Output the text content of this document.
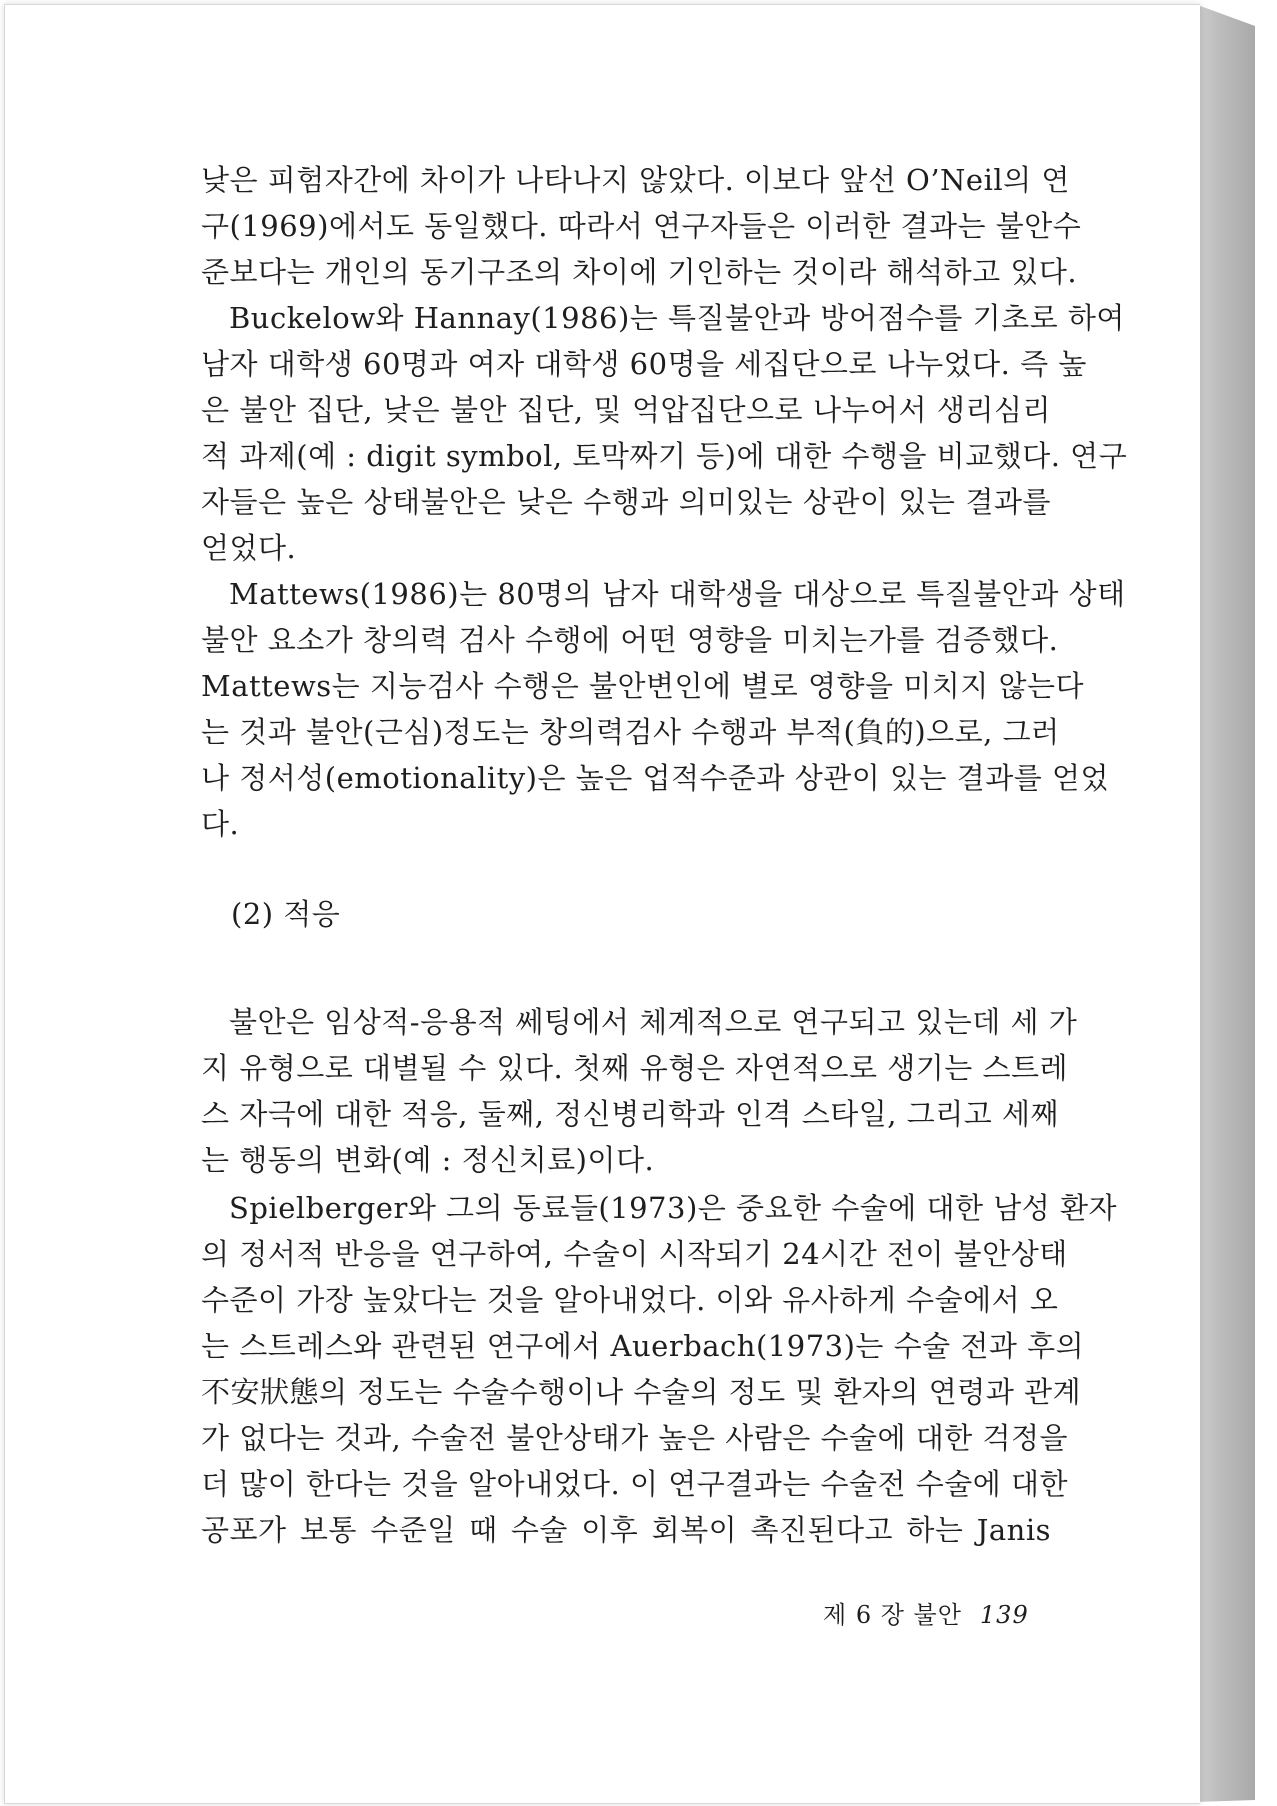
낮은 피험자간에 차이가 나타나지 않았다. 이보다 앞선 O’Neil의 연
구(1969)에서도 동일했다. 따라서 연구자들은 이러한 결과는 불안수
준보다는 개인의 동기구조의 차이에 기인하는 것이라 해석하고 있다.
Buckelow와 Hannay(1986)는 특질불안과 방어점수를 기초로 하여
남자 대학생 60명과 여자 대학생 60명을 세집단으로 나누었다. 즉 높
은 불안 집단, 낮은 불안 집단, 및 억압집단으로 나누어서 생리심리
적 과제(예 : digit symbol, 토막짜기 등)에 대한 수행을 비교했다. 연구
자들은 높은 상태불안은 낮은 수행과 의미있는 상관이 있는 결과를
얻었다.
Mattews(1986)는 80명의 남자 대학생을 대상으로 특질불안과 상태
불안 요소가 창의력 검사 수행에 어떤 영향을 미치는가를 검증했다.
Mattews는 지능검사 수행은 불안변인에 별로 영향을 미치지 않는다
는 것과 불안(근심)정도는 창의력검사 수행과 부적(負的)으로, 그러
나 정서성(emotionality)은 높은 업적수준과 상관이 있는 결과를 얻었
다.
(2) 적응
불안은 임상적-응용적 쎄팅에서 체계적으로 연구되고 있는데 세 가
지 유형으로 대별될 수 있다. 첫째 유형은 자연적으로 생기는 스트레
스 자극에 대한 적응, 둘째, 정신병리학과 인격 스타일, 그리고 세째
는 행동의 변화(예 : 정신치료)이다.
Spielberger와 그의 동료들(1973)은 중요한 수술에 대한 남성 환자
의 정서적 반응을 연구하여, 수술이 시작되기 24시간 전이 불안상태
수준이 가장 높았다는 것을 알아내었다. 이와 유사하게 수술에서 오
는 스트레스와 관련된 연구에서 Auerbach(1973)는 수술 전과 후의
不安狀態의 정도는 수술수행이나 수술의 정도 및 환자의 연령과 관계
가 없다는 것과, 수술전 불안상태가 높은 사람은 수술에 대한 걱정을
더 많이 한다는 것을 알아내었다. 이 연구결과는 수술전 수술에 대한
공포가 보통 수준일 때 수술 이후 회복이 촉진된다고 하는 Janis
제 6 장 불안 139
